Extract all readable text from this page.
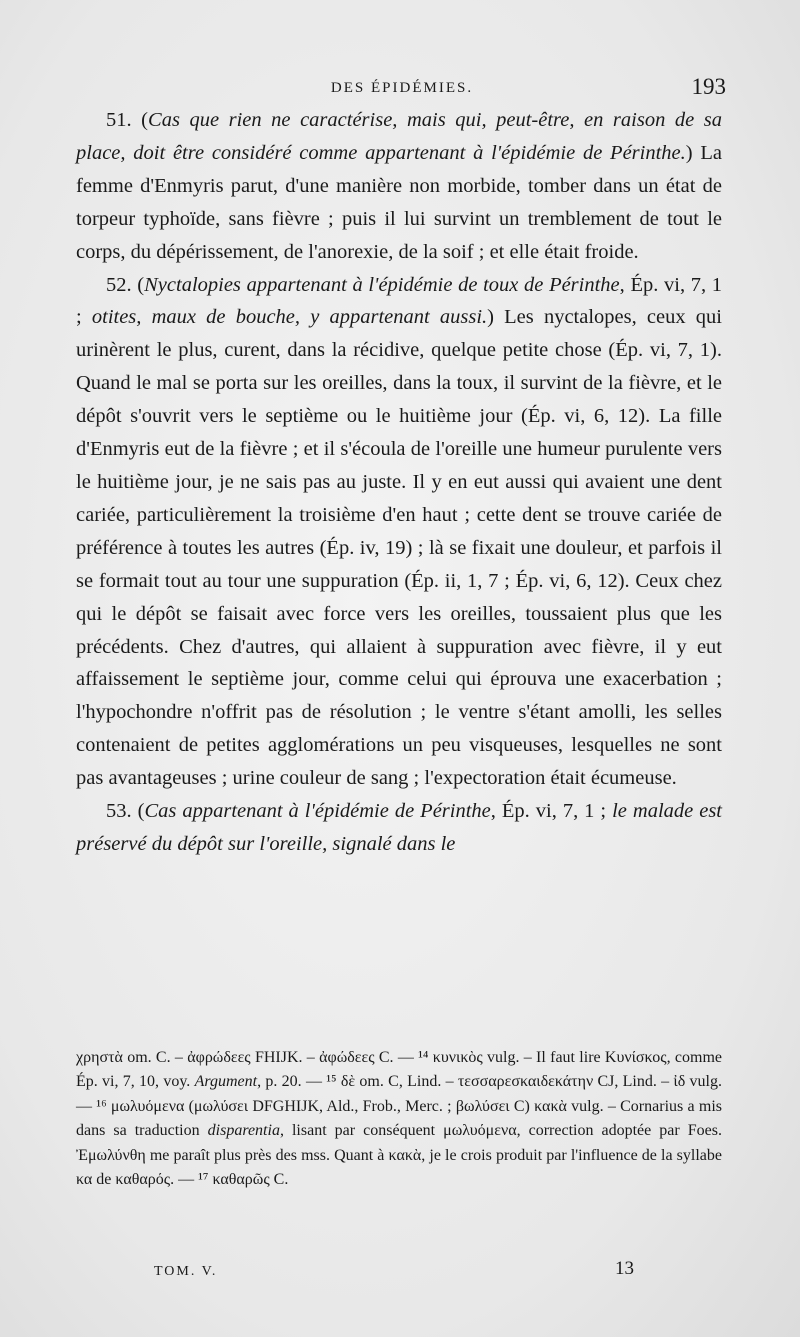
DES ÉPIDÉMIES.	193

51. (Cas que rien ne caractérise, mais qui, peut-être, en raison de sa place, doit être considéré comme appartenant à l'épidémie de Périnthe.) La femme d'Enmyris parut, d'une manière non morbide, tomber dans un état de torpeur typhoïde, sans fièvre ; puis il lui survint un tremblement de tout le corps, du dépérissement, de l'anorexie, de la soif ; et elle était froide.

52. (Nyctalopies appartenant à l'épidémie de toux de Périnthe, Ép. vi, 7, 1 ; otites, maux de bouche, y appartenant aussi.) Les nyctalopes, ceux qui urinèrent le plus, curent, dans la récidive, quelque petite chose (Ép. vi, 7, 1). Quand le mal se porta sur les oreilles, dans la toux, il survint de la fièvre, et le dépôt s'ouvrit vers le septième ou le huitième jour (Ép. vi, 6, 12). La fille d'Enmyris eut de la fièvre ; et il s'écoula de l'oreille une humeur purulente vers le huitième jour, je ne sais pas au juste. Il y en eut aussi qui avaient une dent cariée, particulièrement la troisième d'en haut ; cette dent se trouve cariée de préférence à toutes les autres (Ép. iv, 19) ; là se fixait une douleur, et parfois il se formait tout au tour une suppuration (Ép. ii, 1, 7 ; Ép. vi, 6, 12). Ceux chez qui le dépôt se faisait avec force vers les oreilles, toussaient plus que les précédents. Chez d'autres, qui allaient à suppuration avec fièvre, il y eut affaissement le septième jour, comme celui qui éprouva une exacerbation ; l'hypochondre n'offrit pas de résolution ; le ventre s'étant amolli, les selles contenaient de petites agglomérations un peu visqueuses, lesquelles ne sont pas avantageuses ; urine couleur de sang ; l'expectoration était écumeuse.

53. (Cas appartenant à l'épidémie de Périnthe, Ép. vi, 7, 1 ; le malade est préservé du dépôt sur l'oreille, signalé dans le

χρηστὰ om. C. – ἀφρώδεες FHIJK. – ἀφώδεες C. — ¹⁴ κυνικὸς vulg. – Il faut lire Κυνίσκος, comme Ép. vi, 7, 10, voy. Argument, p. 20. — ¹⁵ δὲ om. C, Lind. – τεσσαρεσκαιδεκάτην CJ, Lind. – ἰδ vulg. — ¹⁶ μωλυόμενα (μωλύσει DFGHIJK, Ald., Frob., Merc. ; βωλύσει C) κακὰ vulg. – Cornarius a mis dans sa traduction disparentia, lisant par conséquent μωλυόμενα, correction adoptée par Foes. Ἐμωλύνθη me paraît plus près des mss. Quant à κακὰ, je le crois produit par l'influence de la syllabe κα de καθαρός. — ¹⁷ καθαρῶς C.

TOM. V.	13
